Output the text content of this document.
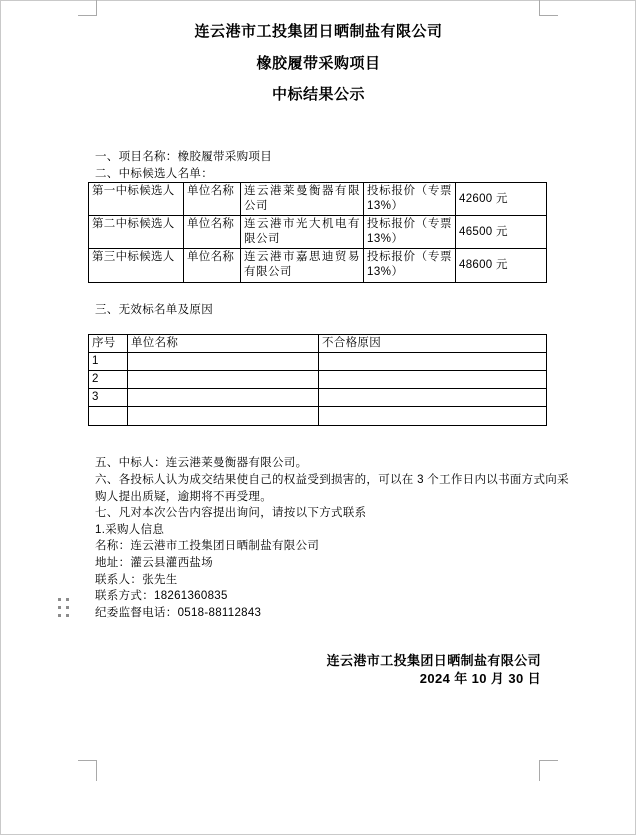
连云港市工投集团日晒制盐有限公司
橡胶履带采购项目
中标结果公示
一、项目名称：橡胶履带采购项目
二、中标候选人名单：
第一中标候选人	单位名称	连云港莱曼衡器有限公司	投标报价（专票13%）	42600 元
第二中标候选人	单位名称	连云港市光大机电有限公司	投标报价（专票13%）	46500 元
第三中标候选人	单位名称	连云港市嘉思迪贸易有限公司	投标报价（专票13%）	48600 元
三、无效标名单及原因
序号	单位名称	不合格原因
1		
2		
3		

五、中标人：连云港莱曼衡器有限公司。
六、各投标人认为成交结果使自己的权益受到损害的，可以在 3 个工作日内以书面方式向采
购人提出质疑，逾期将不再受理。
七、凡对本次公告内容提出询问，请按以下方式联系
1.采购人信息
名称：连云港市工投集团日晒制盐有限公司
地址：灌云县灌西盐场
联系人：张先生
联系方式：18261360835
纪委监督电话：0518-88112843
连云港市工投集团日晒制盐有限公司
2024 年 10 月 30 日
